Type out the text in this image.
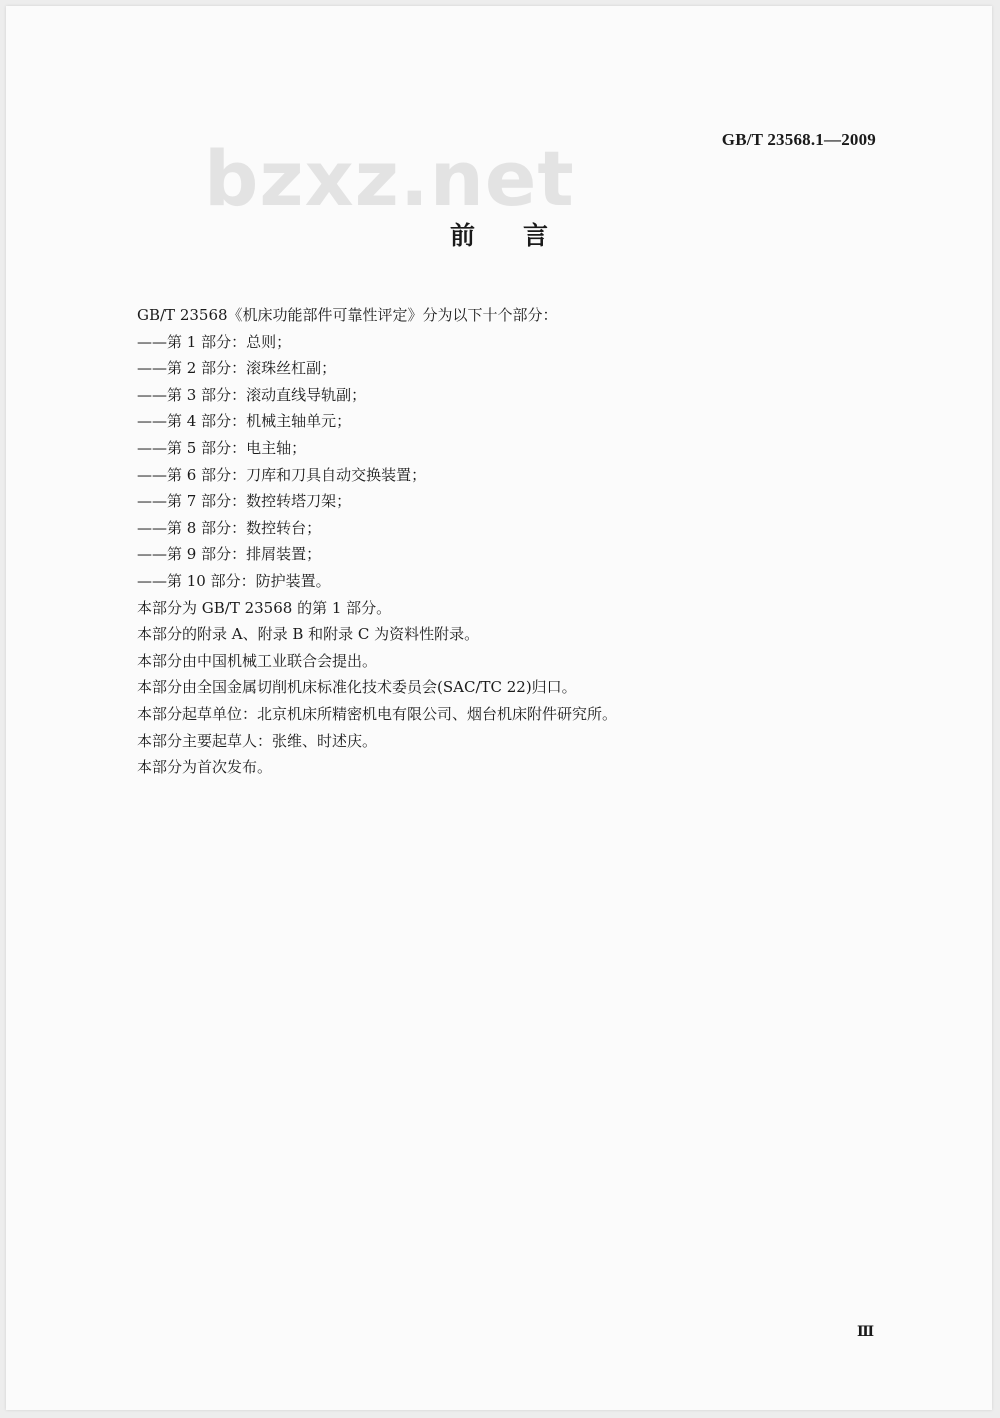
bzxz.net	GB/T 23568.1—2009
前言
GB/T 23568《机床功能部件可靠性评定》分为以下十个部分：
——第 1 部分：总则；
——第 2 部分：滚珠丝杠副；
——第 3 部分：滚动直线导轨副；
——第 4 部分：机械主轴单元；
——第 5 部分：电主轴；
——第 6 部分：刀库和刀具自动交换装置；
——第 7 部分：数控转塔刀架；
——第 8 部分：数控转台；
——第 9 部分：排屑装置；
——第 10 部分：防护装置。
本部分为 GB/T 23568 的第 1 部分。
本部分的附录 A、附录 B 和附录 C 为资料性附录。
本部分由中国机械工业联合会提出。
本部分由全国金属切削机床标准化技术委员会(SAC/TC 22)归口。
本部分起草单位：北京机床所精密机电有限公司、烟台机床附件研究所。
本部分主要起草人：张维、时述庆。
本部分为首次发布。
Ⅲ
